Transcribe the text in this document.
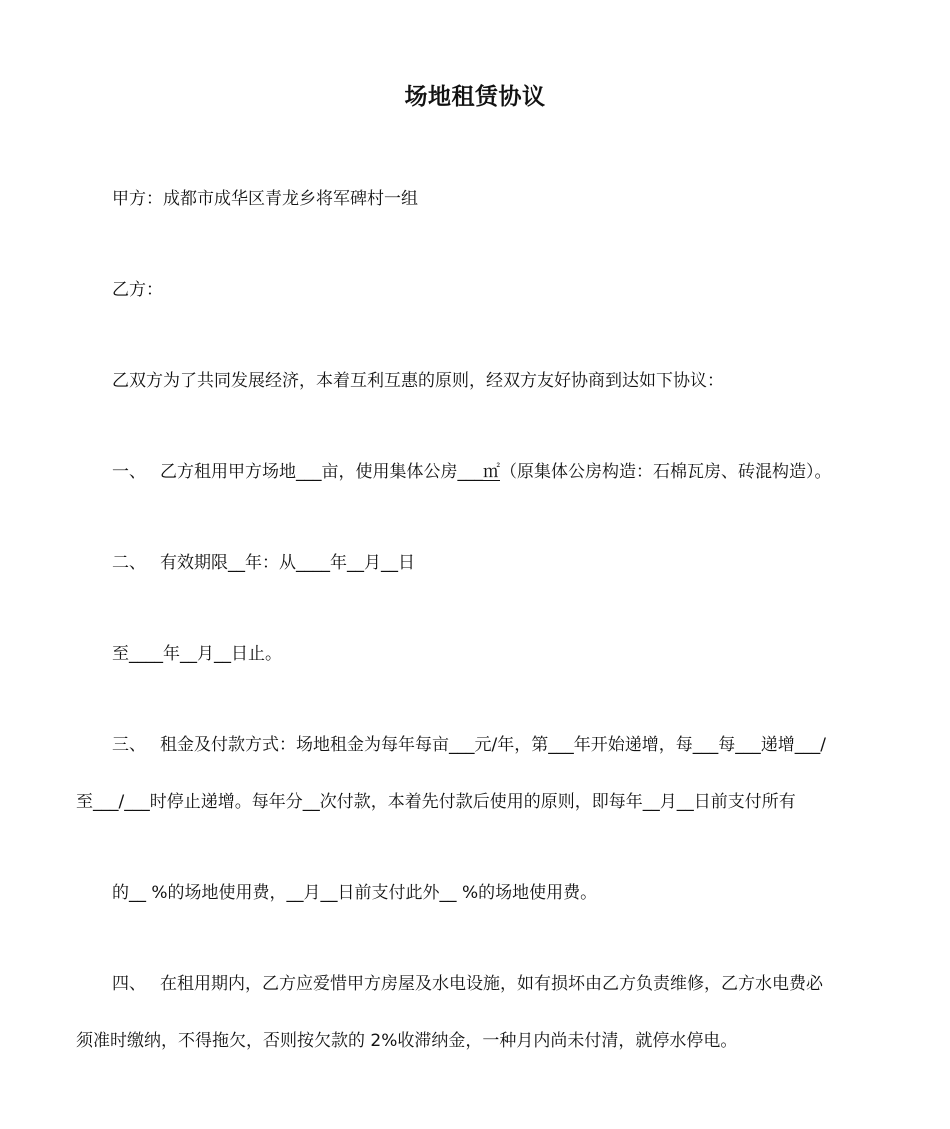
场地租赁协议
甲方：成都市成华区青龙乡将军碑村一组
乙方：
乙双方为了共同发展经济，本着互利互惠的原则，经双方友好协商到达如下协议：
一、 乙方租用甲方场地___亩，使用集体公房___㎡（原集体公房构造：石棉瓦房、砖混构造）。
二、 有效期限__年：从____年__月__日
至____年__月__日止。
三、 租金及付款方式：场地租金为每年每亩___元/年，第___年开始递增，每___每___递增___/
至___/___时停止递增。每年分__次付款，本着先付款后使用的原则，即每年__月__日前支付所有
的__ %的场地使用费，__月__日前支付此外__ %的场地使用费。
四、 在租用期内，乙方应爱惜甲方房屋及水电设施，如有损坏由乙方负责维修，乙方水电费必
须准时缴纳，不得拖欠，否则按欠款的 2%收滞纳金，一种月内尚未付清，就停水停电。
